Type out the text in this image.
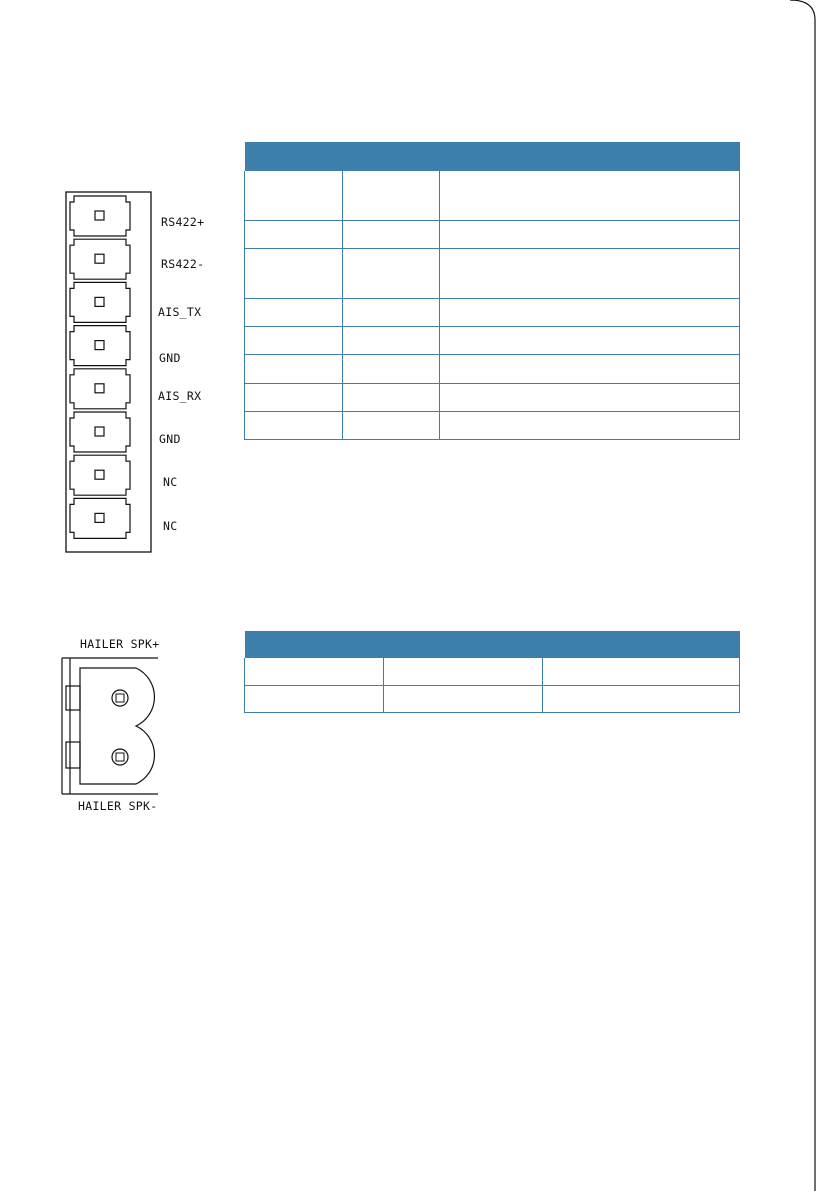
RS422+
RS422-
AIS_TX
GND
AIS_RX
GND
NC
NC

HAILER SPK+
HAILER SPK-
